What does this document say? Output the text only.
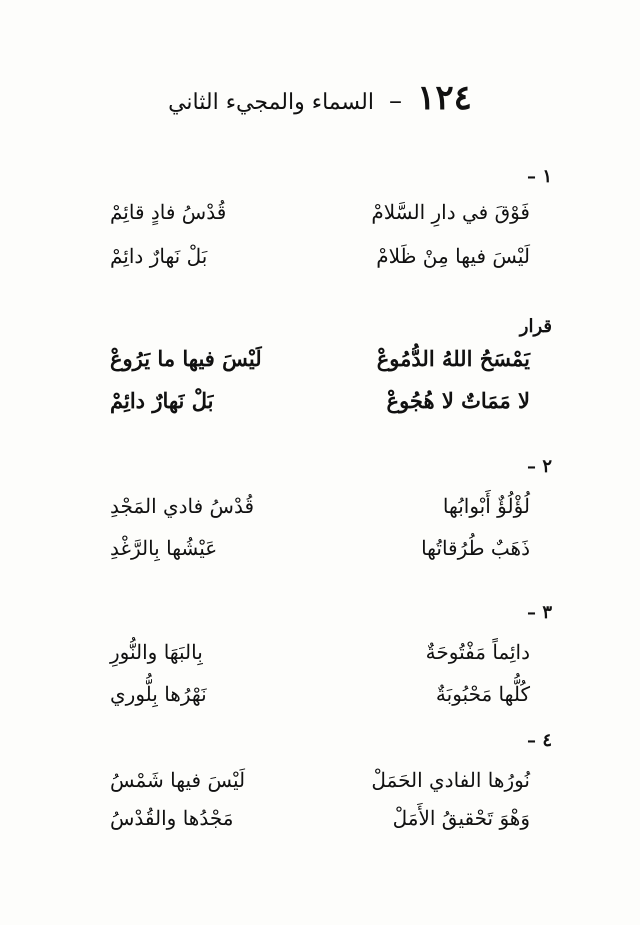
١٢٤ – السماء والمجيء الثاني
١ –
فَوْقَ في دارِ السَّلامْ
قُدْسُ فادٍ قائِمْ
لَيْسَ فيها مِنْ ظَلامْ
بَلْ نَهارٌ دائِمْ
قرار
يَمْسَحُ اللهُ الدُّمُوعْ
لَيْسَ فيها ما يَرُوعْ
لا مَمَاتٌ لا هُجُوعْ
بَلْ نَهارٌ دائِمْ
٢ –
لُؤْلُؤٌ أَبْوابُها
قُدْسُ فادي المَجْدِ
ذَهَبٌ طُرُقاتُها
عَيْشُها بِالرَّغْدِ
٣ –
دائِماً مَفْتُوحَةٌ
بِالبَهَا والنُّورِ
كُلُّها مَحْبُوبَةٌ
نَهْرُها بِلُّوري
٤ –
نُورُها الفادي الحَمَلْ
لَيْسَ فيها شَمْسُ
وَهْوَ تَحْقيقُ الأَمَلْ
مَجْدُها والقُدْسُ
